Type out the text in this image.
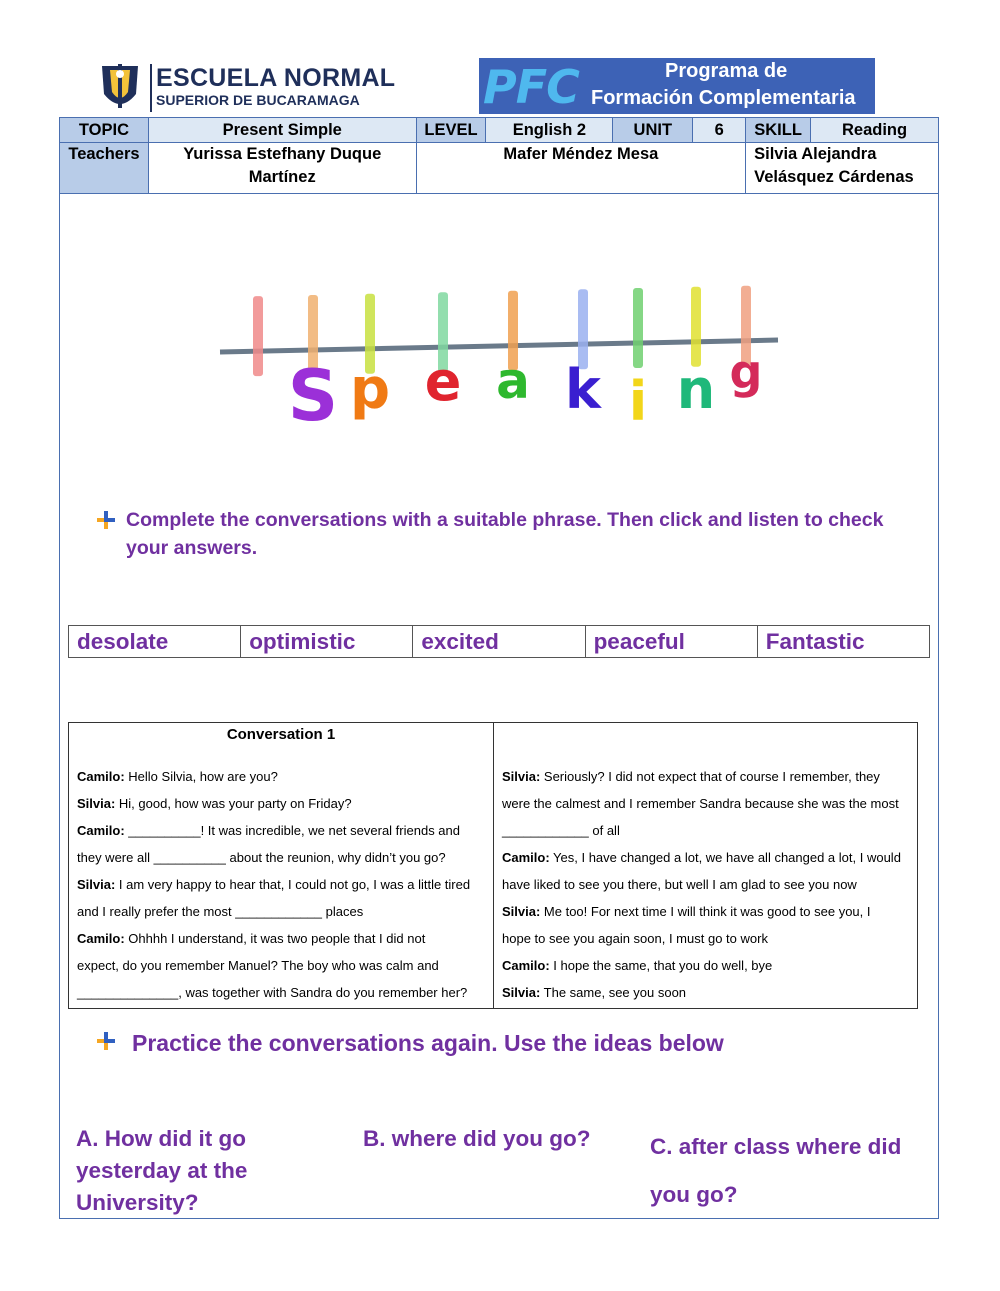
ESCUELA NORMAL
SUPERIOR DE BUCARAMAGA	PFC	Programa de
Formación Complementaria
TOPIC	Present Simple	LEVEL	English 2	UNIT	6	SKILL	Reading
Teachers	Yurissa Estefhany Duque Martínez	Mafer Méndez Mesa				Silvia Alejandra Velásquez Cárdenas	
S p e a k i n g
Complete the conversations with a suitable phrase. Then click and listen to check your answers.
desolate	optimistic	excited	peaceful	Fantastic
Conversation 1
Camilo: Hello Silvia, how are you?
Silvia: Hi, good, how was your party on Friday?
Camilo: __________! It was incredible, we net several friends and
they were all __________ about the reunion, why didn’t you go?
Silvia: I am very happy to hear that, I could not go, I was a little tired
and I really prefer the most ____________ places
Camilo: Ohhhh I understand, it was two people that I did not
expect, do you remember Manuel? The boy who was calm and
______________, was together with Sandra do you remember her?
Silvia: Seriously? I did not expect that of course I remember, they
were the calmest and I remember Sandra because she was the most
____________ of all
Camilo: Yes, I have changed a lot, we have all changed a lot, I would
have liked to see you there, but well I am glad to see you now
Silvia: Me too! For next time I will think it was good to see you, I
hope to see you again soon, I must go to work
Camilo: I hope the same, that you do well, bye
Silvia: The same, see you soon
Practice the conversations again. Use the ideas below
A. How did it go yesterday at the University?
B. where did you go?	C. after class where did you go?
